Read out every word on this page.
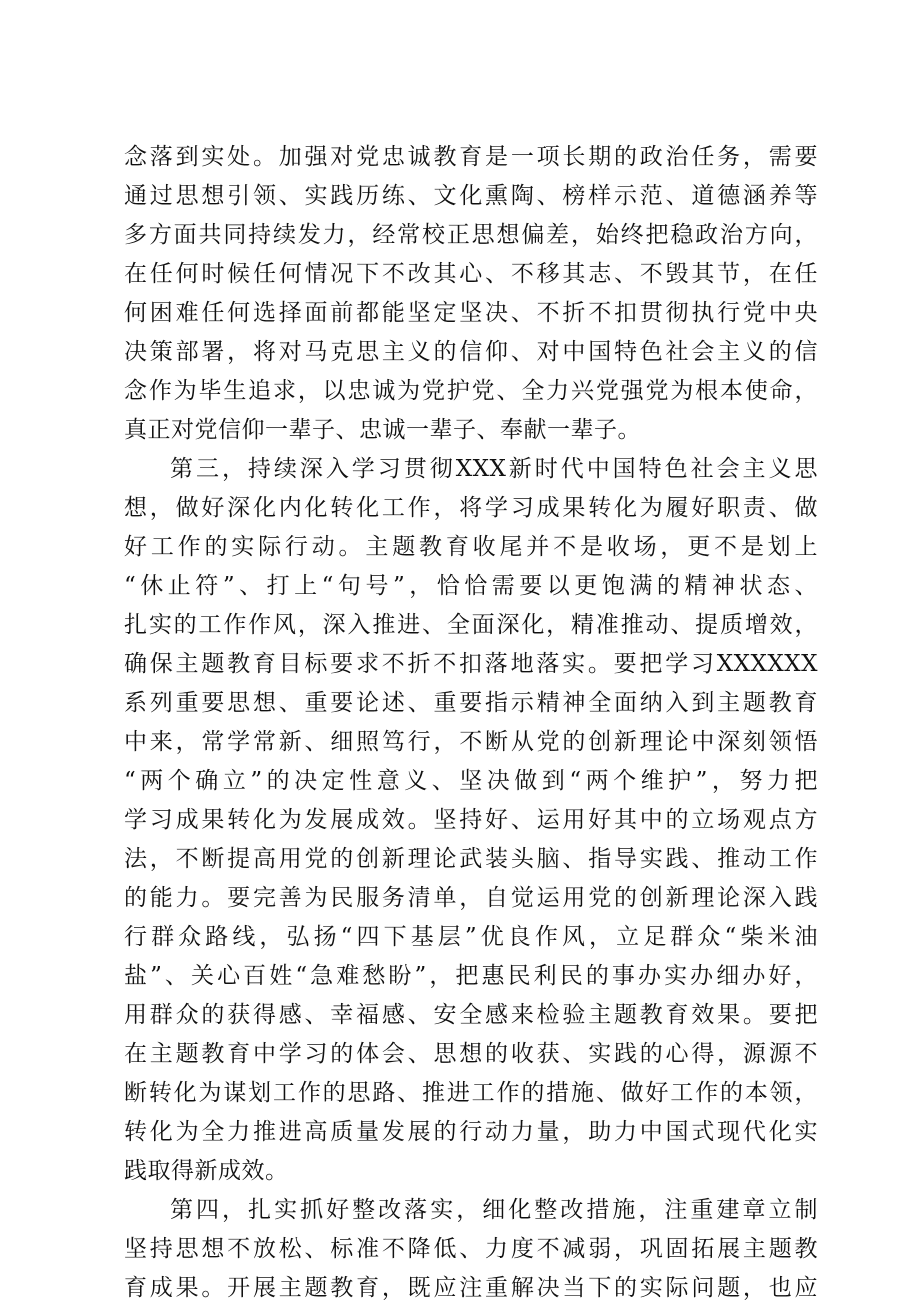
念落到实处。加强对党忠诚教育是一项长期的政治任务，需要
通过思想引领、实践历练、文化熏陶、榜样示范、道德涵养等
多方面共同持续发力，经常校正思想偏差，始终把稳政治方向，
在任何时候任何情况下不改其心、不移其志、不毁其节，在任
何困难任何选择面前都能坚定坚决、不折不扣贯彻执行党中央
决策部署，将对马克思主义的信仰、对中国特色社会主义的信
念作为毕生追求，以忠诚为党护党、全力兴党强党为根本使命，
真正对党信仰一辈子、忠诚一辈子、奉献一辈子。
第三，持续深入学习贯彻XXX新时代中国特色社会主义思
想，做好深化内化转化工作，将学习成果转化为履好职责、做
好工作的实际行动。主题教育收尾并不是收场，更不是划上
“休止符”、打上“句号”，恰恰需要以更饱满的精神状态、
扎实的工作作风，深入推进、全面深化，精准推动、提质增效，
确保主题教育目标要求不折不扣落地落实。要把学习XXXXXX
系列重要思想、重要论述、重要指示精神全面纳入到主题教育
中来，常学常新、细照笃行，不断从党的创新理论中深刻领悟
“两个确立”的决定性意义、坚决做到“两个维护”，努力把
学习成果转化为发展成效。坚持好、运用好其中的立场观点方
法，不断提高用党的创新理论武装头脑、指导实践、推动工作
的能力。要完善为民服务清单，自觉运用党的创新理论深入践
行群众路线，弘扬“四下基层”优良作风，立足群众“柴米油
盐”、关心百姓“急难愁盼”，把惠民利民的事办实办细办好，
用群众的获得感、幸福感、安全感来检验主题教育效果。要把
在主题教育中学习的体会、思想的收获、实践的心得，源源不
断转化为谋划工作的思路、推进工作的措施、做好工作的本领，
转化为全力推进高质量发展的行动力量，助力中国式现代化实
践取得新成效。
第四，扎实抓好整改落实，细化整改措施，注重建章立制
坚持思想不放松、标准不降低、力度不减弱，巩固拓展主题教
育成果。开展主题教育，既应注重解决当下的实际问题，也应
